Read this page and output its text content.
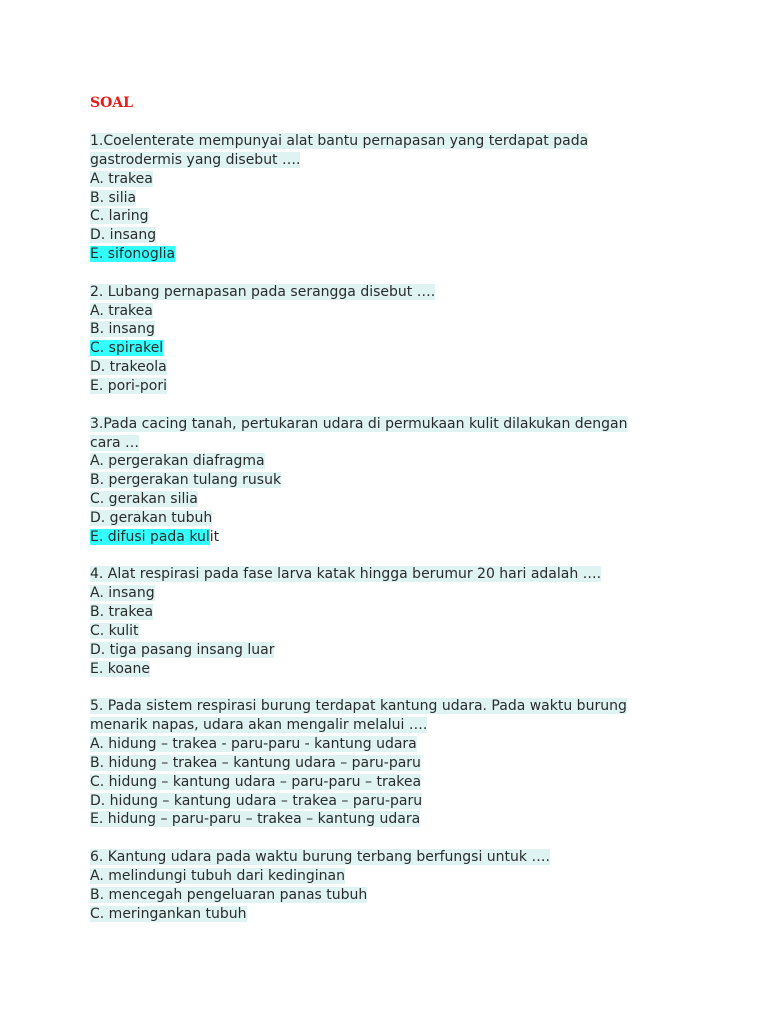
SOAL
1.Coelenterate mempunyai alat bantu pernapasan yang terdapat pada
gastrodermis yang disebut ….
A. trakea
B. silia
C. laring
D. insang
E. sifonoglia
2. Lubang pernapasan pada serangga disebut ….
A. trakea
B. insang
C. spirakel
D. trakeola
E. pori-pori
3.Pada cacing tanah, pertukaran udara di permukaan kulit dilakukan dengan
cara …
A. pergerakan diafragma
B. pergerakan tulang rusuk
C. gerakan silia
D. gerakan tubuh
E. difusi pada kulit
4. Alat respirasi pada fase larva katak hingga berumur 20 hari adalah ….
A. insang
B. trakea
C. kulit
D. tiga pasang insang luar
E. koane
5. Pada sistem respirasi burung terdapat kantung udara. Pada waktu burung
menarik napas, udara akan mengalir melalui ….
A. hidung – trakea - paru-paru - kantung udara
B. hidung – trakea – kantung udara – paru-paru
C. hidung – kantung udara – paru-paru – trakea
D. hidung – kantung udara – trakea – paru-paru
E. hidung – paru-paru – trakea – kantung udara
6. Kantung udara pada waktu burung terbang berfungsi untuk ….
A. melindungi tubuh dari kedinginan
B. mencegah pengeluaran panas tubuh
C. meringankan tubuh
